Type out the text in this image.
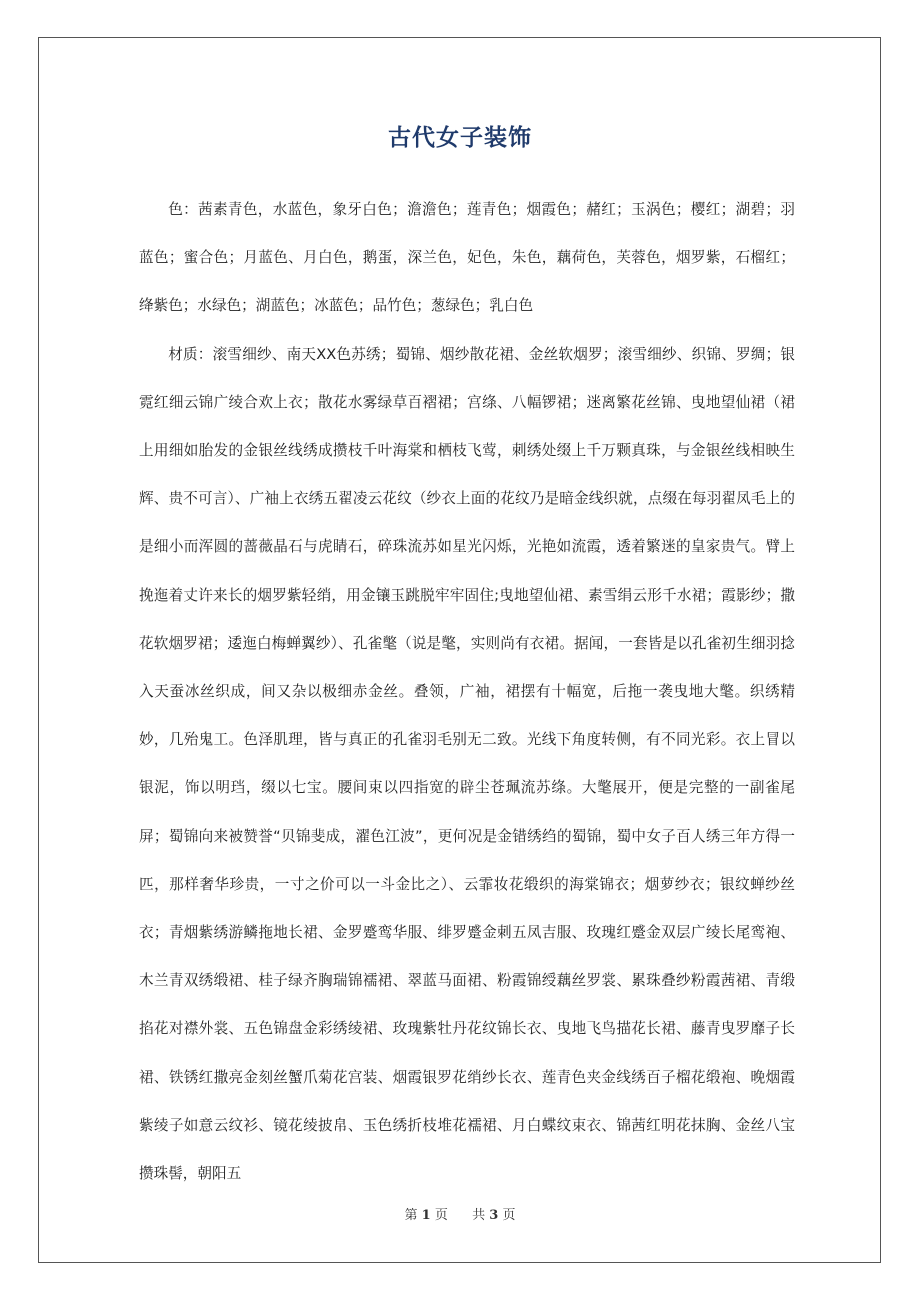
古代女子装饰

色：茜素青色，水蓝色，象牙白色；澹澹色；莲青色；烟霞色；赭红；玉涡色；樱红；湖碧；羽蓝色；蜜合色；月蓝色、月白色，鹅蛋，深兰色，妃色，朱色，藕荷色，芙蓉色，烟罗紫，石榴红；绛紫色；水绿色；湖蓝色；冰蓝色；品竹色；葱绿色；乳白色

材质：滚雪细纱、南天XX色苏绣；蜀锦、烟纱散花裙、金丝软烟罗；滚雪细纱、织锦、罗绸；银霓红细云锦广绫合欢上衣；散花水雾绿草百褶裙；宫绦、八幅锣裙；迷离繁花丝锦、曳地望仙裙（裙上用细如胎发的金银丝线绣成攒枝千叶海棠和栖枝飞莺，刺绣处缀上千万颗真珠，与金银丝线相映生辉、贵不可言）、广袖上衣绣五翟凌云花纹（纱衣上面的花纹乃是暗金线织就，点缀在每羽翟凤毛上的是细小而浑圆的蔷薇晶石与虎睛石，碎珠流苏如星光闪烁，光艳如流霞，透着繁迷的皇家贵气。臂上挽迤着丈许来长的烟罗紫轻绡，用金镶玉跳脱牢牢固住;曳地望仙裙、素雪绢云形千水裙；霞影纱；撒花软烟罗裙；逶迤白梅蝉翼纱）、孔雀氅（说是氅，实则尚有衣裙。据闻，一套皆是以孔雀初生细羽捻入天蚕冰丝织成，间又杂以极细赤金丝。叠领，广袖，裙摆有十幅宽，后拖一袭曳地大氅。织绣精妙，几殆鬼工。色泽肌理，皆与真正的孔雀羽毛别无二致。光线下角度转侧，有不同光彩。衣上冒以银泥，饰以明珰，缀以七宝。腰间束以四指宽的辟尘苍珮流苏绦。大氅展开，便是完整的一副雀尾屏；蜀锦向来被赞誉“贝锦斐成，濯色江波”，更何况是金错绣绉的蜀锦，蜀中女子百人绣三年方得一匹，那样奢华珍贵，一寸之价可以一斗金比之）、云霏妆花缎织的海棠锦衣；烟萝纱衣；银纹蝉纱丝衣；青烟紫绣游鳞拖地长裙、金罗蹙鸾华服、绯罗蹙金刺五凤吉服、玫瑰红蹙金双层广绫长尾鸾袍、木兰青双绣缎裙、桂子绿齐胸瑞锦襦裙、翠蓝马面裙、粉霞锦绶藕丝罗裳、累珠叠纱粉霞茜裙、青缎掐花对襟外裳、五色锦盘金彩绣绫裙、玫瑰紫牡丹花纹锦长衣、曳地飞鸟描花长裙、藤青曳罗靡子长裙、铁锈红撒亮金刻丝蟹爪菊花宫装、烟霞银罗花绡纱长衣、莲青色夹金线绣百子榴花缎袍、晚烟霞紫绫子如意云纹衫、镜花绫披帛、玉色绣折枝堆花襦裙、月白蝶纹束衣、锦茜红明花抹胸、金丝八宝攒珠髻，朝阳五

第 1 页 共 3 页
